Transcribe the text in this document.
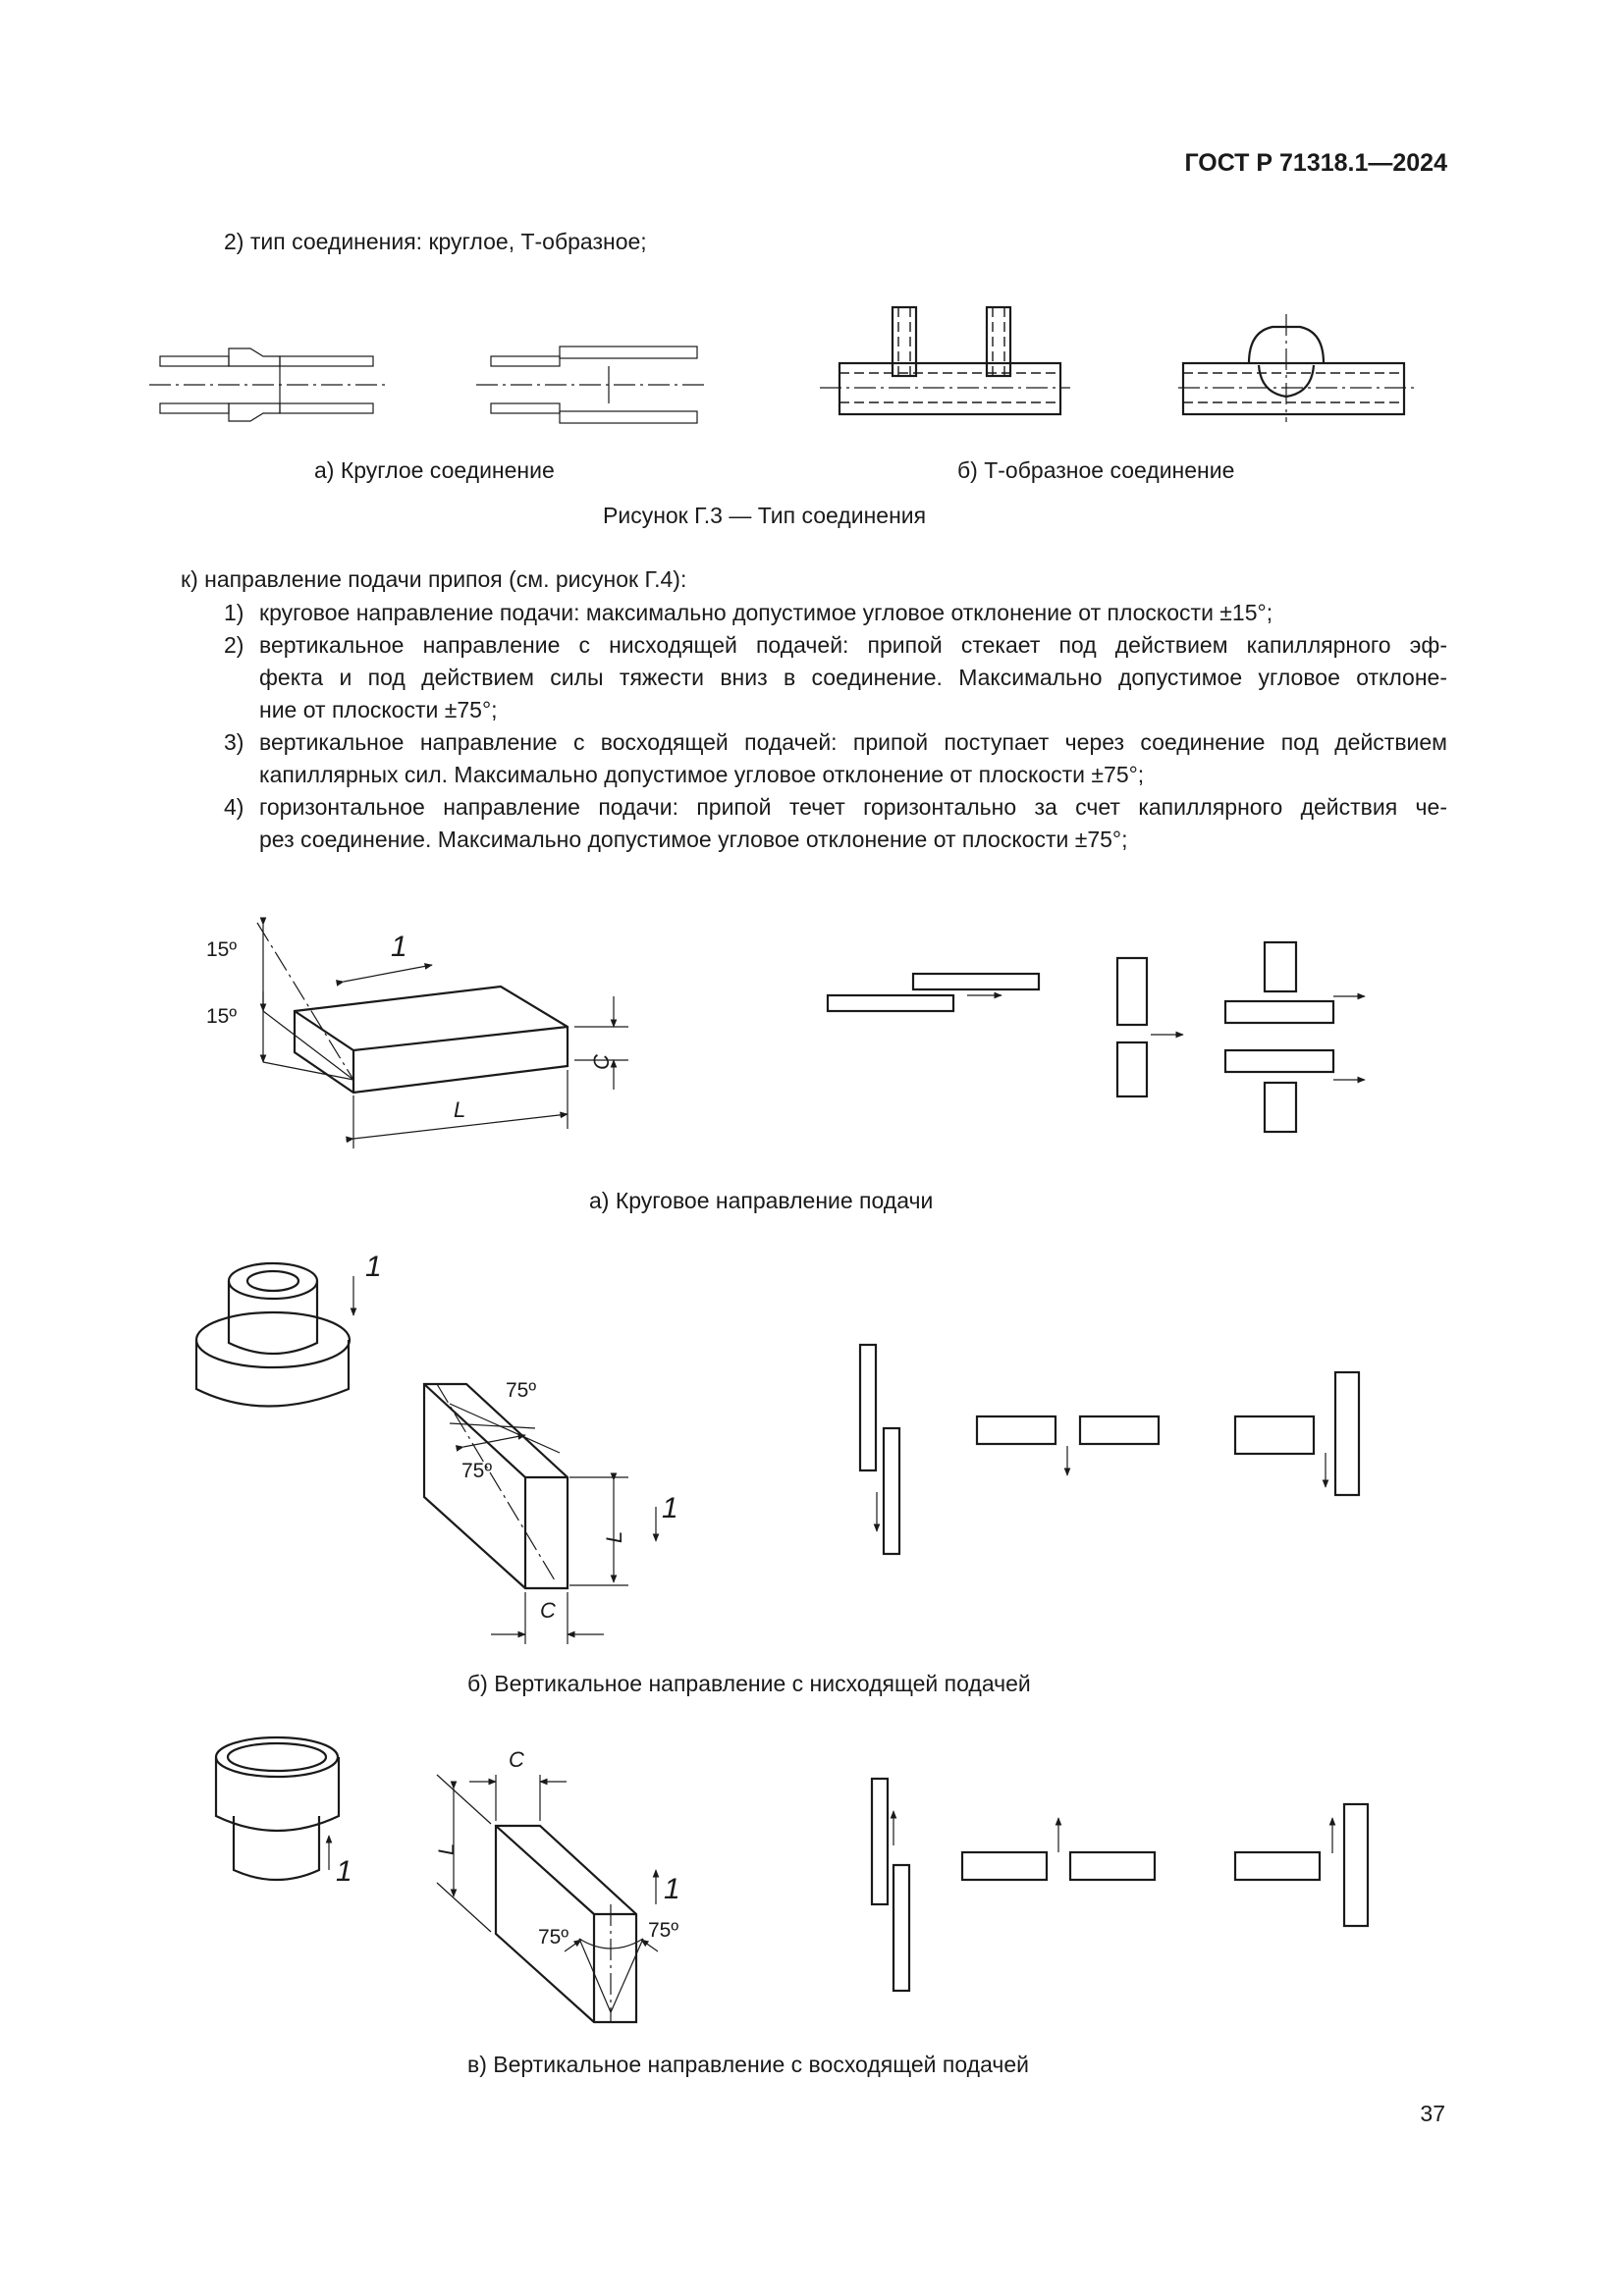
ГОСТ Р 71318.1—2024
2) тип соединения: круглое, Т-образное;
а) Круглое соединение	б) Т-образное соединение
Рисунок Г.3 — Тип соединения
к) направление подачи припоя (см. рисунок Г.4):
1) круговое направление подачи: максимально допустимое угловое отклонение от плоскости ±15°;
2) вертикальное направление с нисходящей подачей: припой стекает под действием капиллярного эф-
фекта и под действием силы тяжести вниз в соединение. Максимально допустимое угловое отклоне-
ние от плоскости ±75°;
3) вертикальное направление с восходящей подачей: припой поступает через соединение под действием
капиллярных сил. Максимально допустимое угловое отклонение от плоскости ±75°;
4) горизонтальное направление подачи: припой течет горизонтально за счет капиллярного действия че-
рез соединение. Максимально допустимое угловое отклонение от плоскости ±75°;
15º
15º
1
L
C
а) Круговое направление подачи
1
75º
75º
L
C
1
б) Вертикальное направление с нисходящей подачей
1
C
L
1
75º	75º
в) Вертикальное направление с восходящей подачей
37
